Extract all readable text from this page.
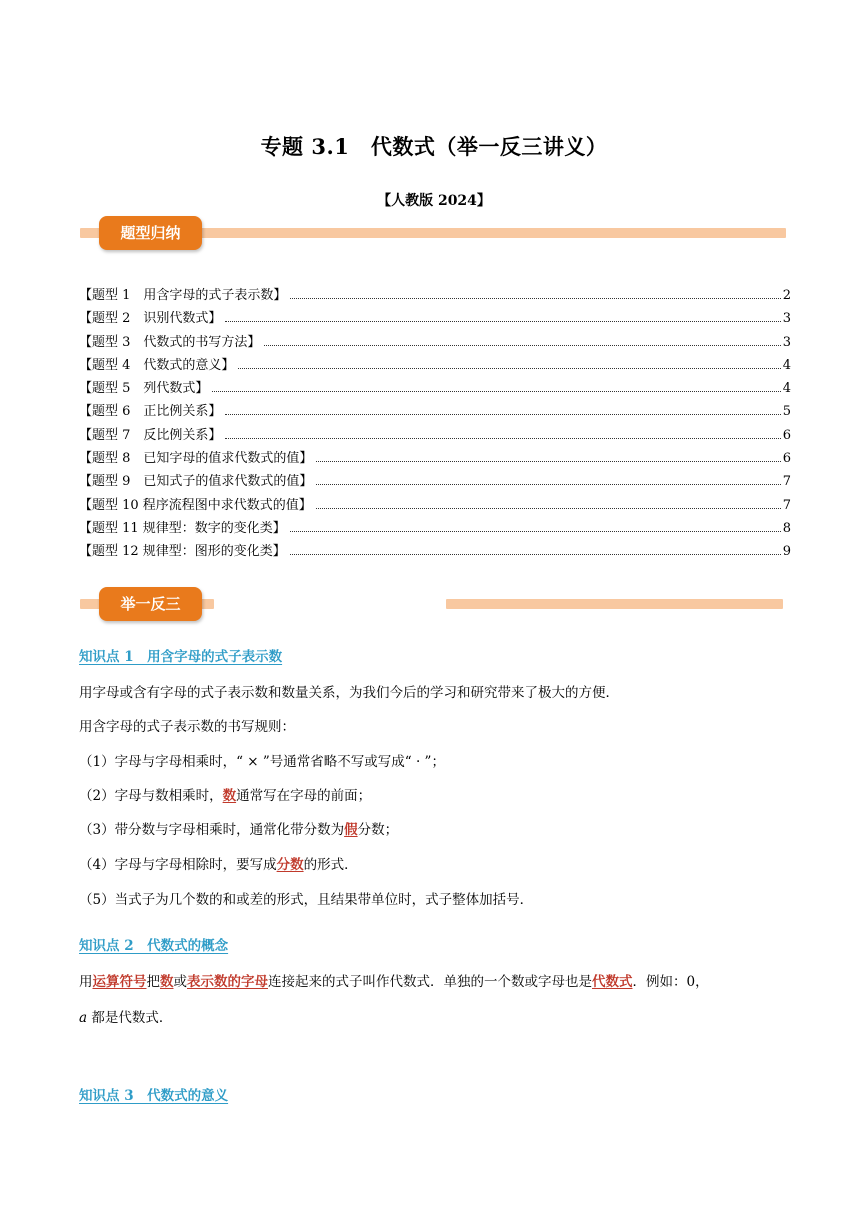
专题 3.1　代数式（举一反三讲义）
【人教版 2024】
题型归纳
【题型 1　用含字母的式子表示数】	2
【题型 2　识别代数式】	3
【题型 3　代数式的书写方法】	3
【题型 4　代数式的意义】	4
【题型 5　列代数式】	4
【题型 6　正比例关系】	5
【题型 7　反比例关系】	6
【题型 8　已知字母的值求代数式的值】	6
【题型 9　已知式子的值求代数式的值】	7
【题型 10 程序流程图中求代数式的值】	7
【题型 11 规律型：数字的变化类】	8
【题型 12 规律型：图形的变化类】	9
举一反三
知识点 1　用含字母的式子表示数
用字母或含有字母的式子表示数和数量关系，为我们今后的学习和研究带来了极大的方便．
用含字母的式子表示数的书写规则：
（1）字母与字母相乘时，“ × ”号通常省略不写或写成“ · ”；
（2）字母与数相乘时，数通常写在字母的前面；
（3）带分数与字母相乘时，通常化带分数为假分数；
（4）字母与字母相除时，要写成分数的形式．
（5）当式子为几个数的和或差的形式，且结果带单位时，式子整体加括号．
知识点 2　代数式的概念
用运算符号把数或表示数的字母连接起来的式子叫作代数式．单独的一个数或字母也是代数式．例如：0，
a 都是代数式．
知识点 3　代数式的意义
